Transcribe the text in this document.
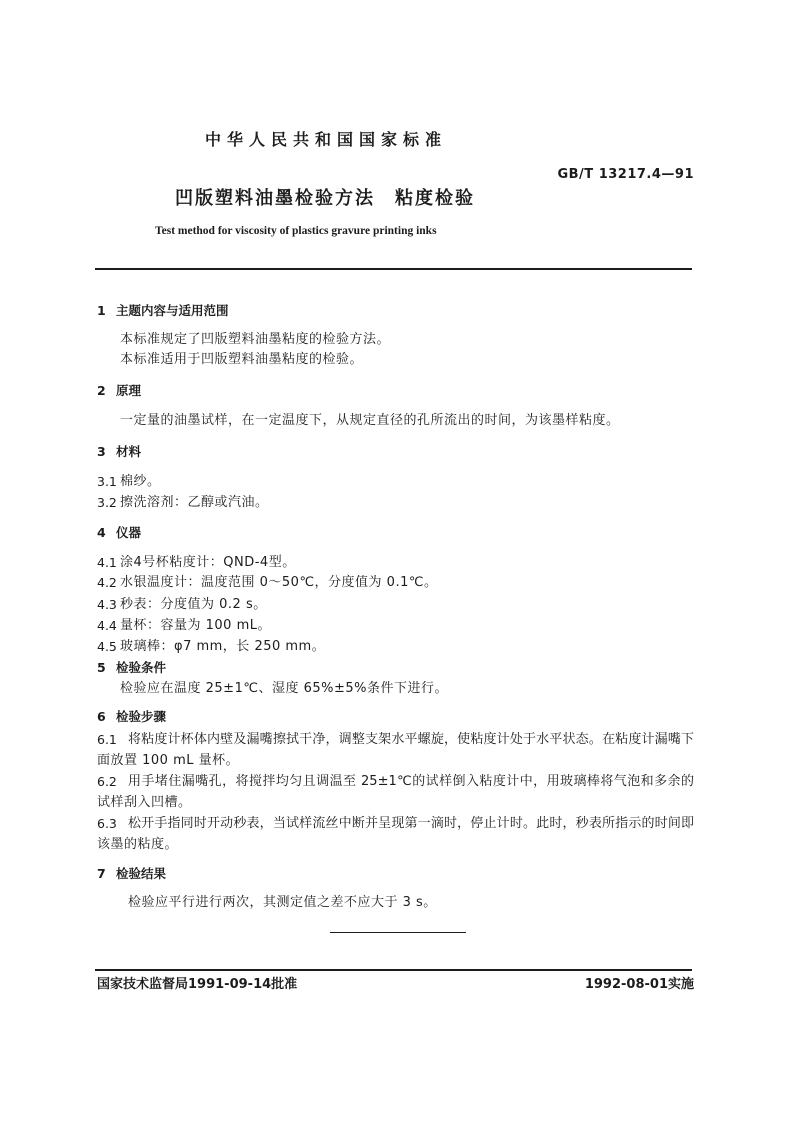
中华人民共和国国家标准
GB/T 13217.4—91
凹版塑料油墨检验方法　粘度检验
Test method for viscosity of plastics gravure printing inks
1 主题内容与适用范围
本标准规定了凹版塑料油墨粘度的检验方法。
本标准适用于凹版塑料油墨粘度的检验。
2 原理
一定量的油墨试样，在一定温度下，从规定直径的孔所流出的时间，为该墨样粘度。
3 材料
3.1 棉纱。
3.2 擦洗溶剂：乙醇或汽油。
4 仪器
4.1 涂4号杯粘度计：QND-4型。
4.2 水银温度计：温度范围 0～50℃，分度值为 0.1℃。
4.3 秒表：分度值为 0.2 s。
4.4 量杯：容量为 100 mL。
4.5 玻璃棒：φ7 mm，长 250 mm。
5 检验条件
检验应在温度 25±1℃、湿度 65%±5%条件下进行。
6 检验步骤
6.1 将粘度计杯体内壁及漏嘴擦拭干净，调整支架水平螺旋，使粘度计处于水平状态。在粘度计漏嘴下
面放置 100 mL 量杯。
6.2 用手堵住漏嘴孔，将搅拌均匀且调温至 25±1℃的试样倒入粘度计中，用玻璃棒将气泡和多余的
试样刮入凹槽。
6.3 松开手指同时开动秒表，当试样流丝中断并呈现第一滴时，停止计时。此时，秒表所指示的时间即
该墨的粘度。
7 检验结果
检验应平行进行两次，其测定值之差不应大于 3 s。
国家技术监督局1991-09-14批准	1992-08-01实施
